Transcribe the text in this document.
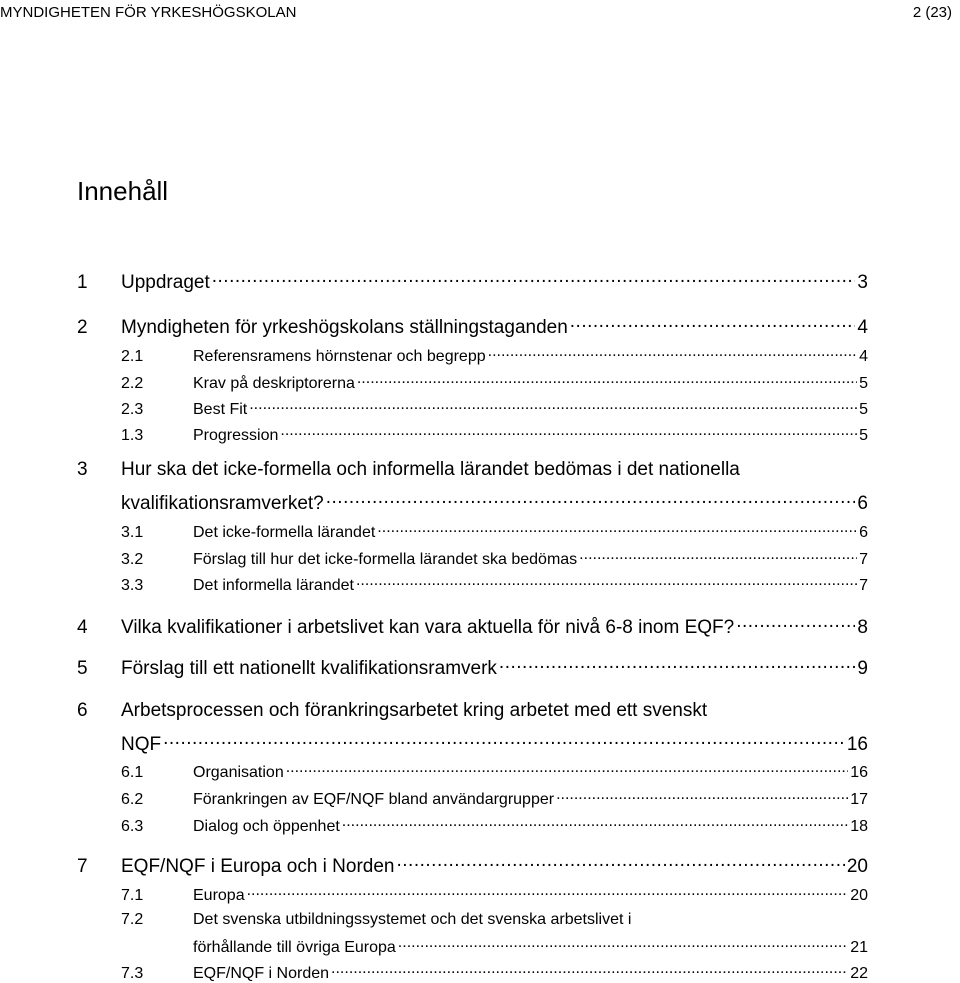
MYNDIGHETEN FÖR YRKESHÖGSKOLAN	2 (23)
Innehåll
1	Uppdraget .....	3
2	Myndigheten för yrkeshögskolans ställningstaganden .....	4
2.1	Referensramens hörnstenar och begrepp .....	4
2.2	Krav på deskriptorerna .....	5
2.3	Best Fit .....	5
1.3	Progression .....	5
3	Hur ska det icke-formella och informella lärandet bedömas i det nationella
kvalifikationsramverket? .....	6
3.1	Det icke-formella lärandet .....	6
3.2	Förslag till hur det icke-formella lärandet ska bedömas .....	7
3.3	Det informella lärandet .....	7
4	Vilka kvalifikationer i arbetslivet kan vara aktuella för nivå 6-8 inom EQF? .....	8
5	Förslag till ett nationellt kvalifikationsramverk .....	9
6	Arbetsprocessen och förankringsarbetet kring arbetet med ett svenskt
NQF .....	16
6.1	Organisation .....	16
6.2	Förankringen av EQF/NQF bland användargrupper .....	17
6.3	Dialog och öppenhet .....	18
7	EQF/NQF i Europa och i Norden .....	20
7.1	Europa .....	20
7.2	Det svenska utbildningssystemet och det svenska arbetslivet i
förhållande till övriga Europa .....	21
7.3	EQF/NQF i Norden .....	22
